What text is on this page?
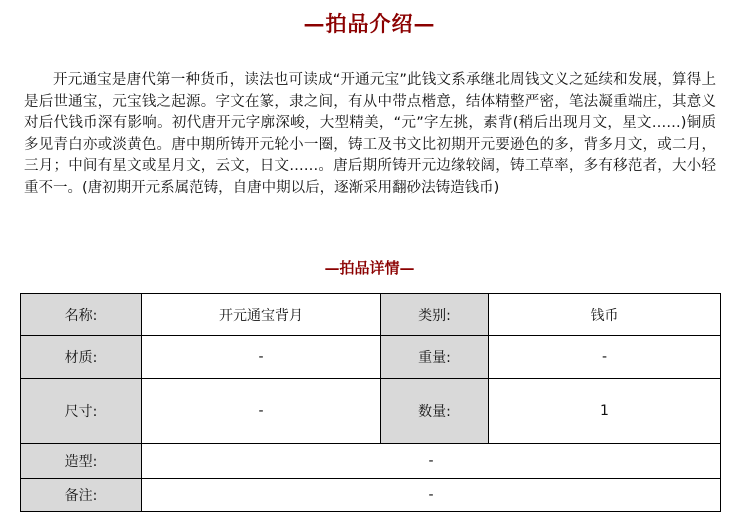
—拍品介绍—

开元通宝是唐代第一种货币，读法也可读成“开通元宝”此钱文系承继北周钱文义之延续和发展，算得上是后世通宝，元宝钱之起源。字文在篆，隶之间，有从中带点楷意，结体精整严密，笔法凝重端庄，其意义对后代钱币深有影响。初代唐开元字廓深峻，大型精美，“元”字左挑，素背(稍后出现月文，星文……)铜质多见青白亦或淡黄色。唐中期所铸开元轮小一圈，铸工及书文比初期开元要逊色的多，背多月文，或二月，三月；中间有星文或星月文，云文，日文……。唐后期所铸开元边缘较阔，铸工草率，多有移范者，大小轻重不一。(唐初期开元系属范铸，自唐中期以后，逐渐采用翻砂法铸造钱币)

—拍品详情—
名称:	开元通宝背月	类别:	钱币
材质:	-	重量:	-
尺寸:	-	数量:	1
造型:	-		
备注:	-		
